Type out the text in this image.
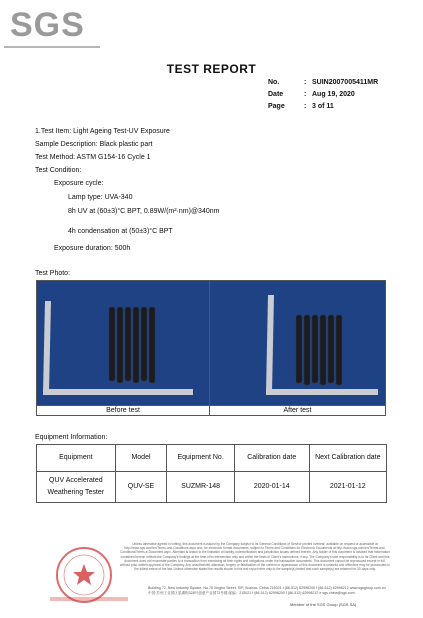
SGS
TEST REPORT
No.	: SUIN2007005411MR
Date	: Aug 19, 2020
Page	: 3 of 11
1.Test Item: Light Ageing Test-UV Exposure
Sample Description: Black plastic part
Test Method: ASTM G154-16 Cycle 1
Test Condition:
Exposure cycle:
Lamp type: UVA-340
8h UV at (60±3)°C BPT, 0.89W/(m²·nm)@340nm
4h condensation at (50±3)°C BPT
Exposure duration: 500h
Test Photo:
Before test	After test
Equipment Information:
Equipment	Model	Equipment No.	Calibration date	Next Calibration date
QUV Accelerated Weathering Tester	QUV-SE	SUZMR-148	2020-01-14	2021-01-12
Unless otherwise agreed in writing, this document is issued by the Company subject to its General Conditions of Service printed overleaf, available on request or accessible at http://www.sgs.com/en/Terms-and-Conditions.aspx and, for electronic format documents, subject to Terms and Conditions for Electronic Documents at http://www.sgs.com/en/Terms-and-Conditions/Terms-e-Document.aspx. Attention is drawn to the limitation of liability, indemnification and jurisdiction issues defined therein. Any holder of this document is advised that information contained hereon reflects the Company's findings at the time of its intervention only and within the limits of Client's instructions, if any. The Company's sole responsibility is to its Client and this document does not exonerate parties to a transaction from exercising all their rights and obligations under the transaction documents. This document cannot be reproduced except in full, without prior written approval of the Company. Any unauthorized alteration, forgery or falsification of the content or appearance of this document is unlawful and offenders may be prosecuted to the fullest extent of the law. Unless otherwise stated the results shown in this test report refer only to the sample(s) tested and such sample(s) are retained for 30 days only.
Building 72, New Industry Square, No.78 Xinghu Street, SIP, Suzhou, China 215021 t (86-512) 62996200 f (86-512) 62998212 www.sgsgroup.com.cn
中国·苏州工业园区星湖街328号创意产业园72号楼 邮编：215021 t (86-512) 62996200 f (86-512) 62998212 e sgs.china@sgs.com
Member of the SGS Group (SGS SA)
